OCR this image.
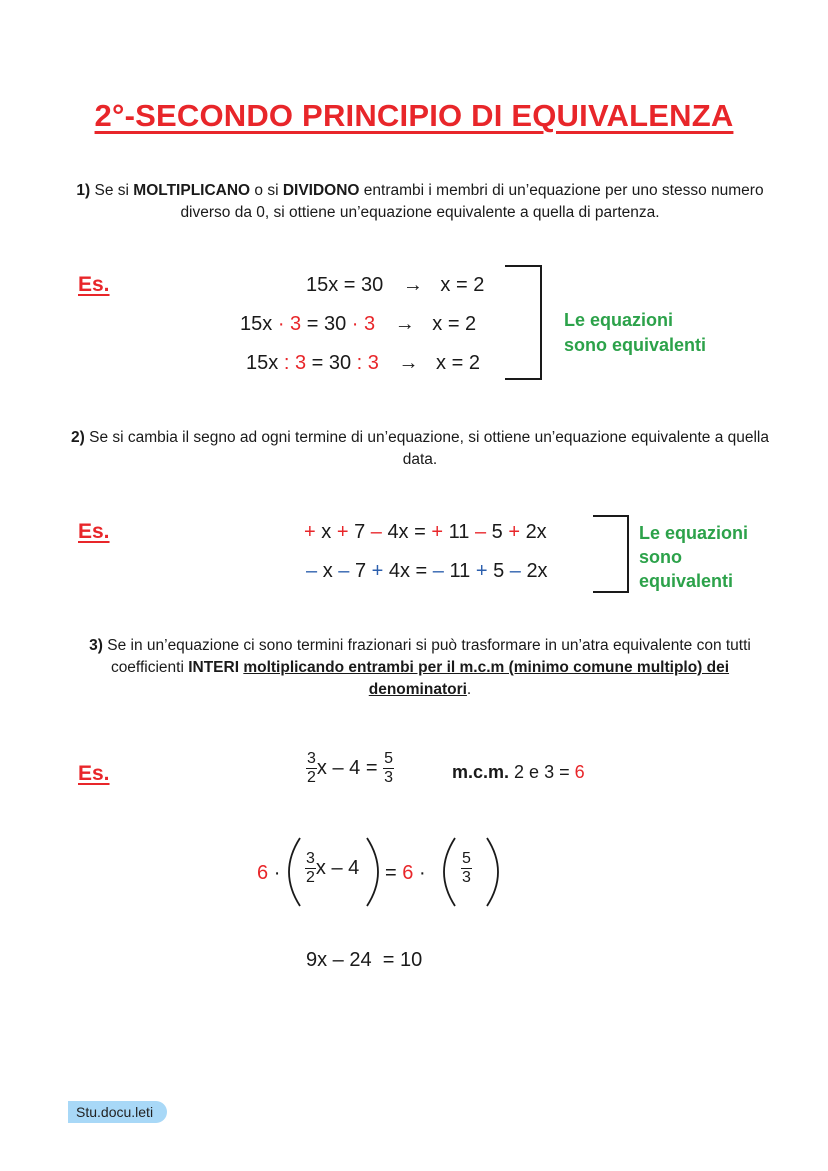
2°-SECONDO PRINCIPIO DI EQUIVALENZA
1) Se si MOLTIPLICANO o si DIVIDONO entrambi i membri di un’equazione per uno stesso numero diverso da 0, si ottiene un’equazione equivalente a quella di partenza.
Es.	15x = 30 → x = 2
15x · 3 = 30 · 3 → x = 2
15x : 3 = 30 : 3 → x = 2
Le equazioni
sono equivalenti
2) Se si cambia il segno ad ogni termine di un’equazione, si ottiene un’equazione equivalente a quella data.
Es.	+ x + 7 – 4x = + 11 – 5 + 2x
– x – 7 + 4x = – 11 + 5 – 2x
Le equazioni
sono
equivalenti
3) Se in un’equazione ci sono termini frazionari si può trasformare in un’atra equivalente con tutti coefficienti INTERI moltiplicando entrambi per il m.c.m (minimo comune multiplo) dei denominatori.
Es.	$\frac{3}{2}$ $x - 4 = \frac{5}{3}$	m.c.m. 2 e 3 = 6
$6 \cdot \frac{3}{2}$ $x - 4 = 6 \cdot \frac{5}{3}$
9x – 24  = 10
Stu.docu.leti
